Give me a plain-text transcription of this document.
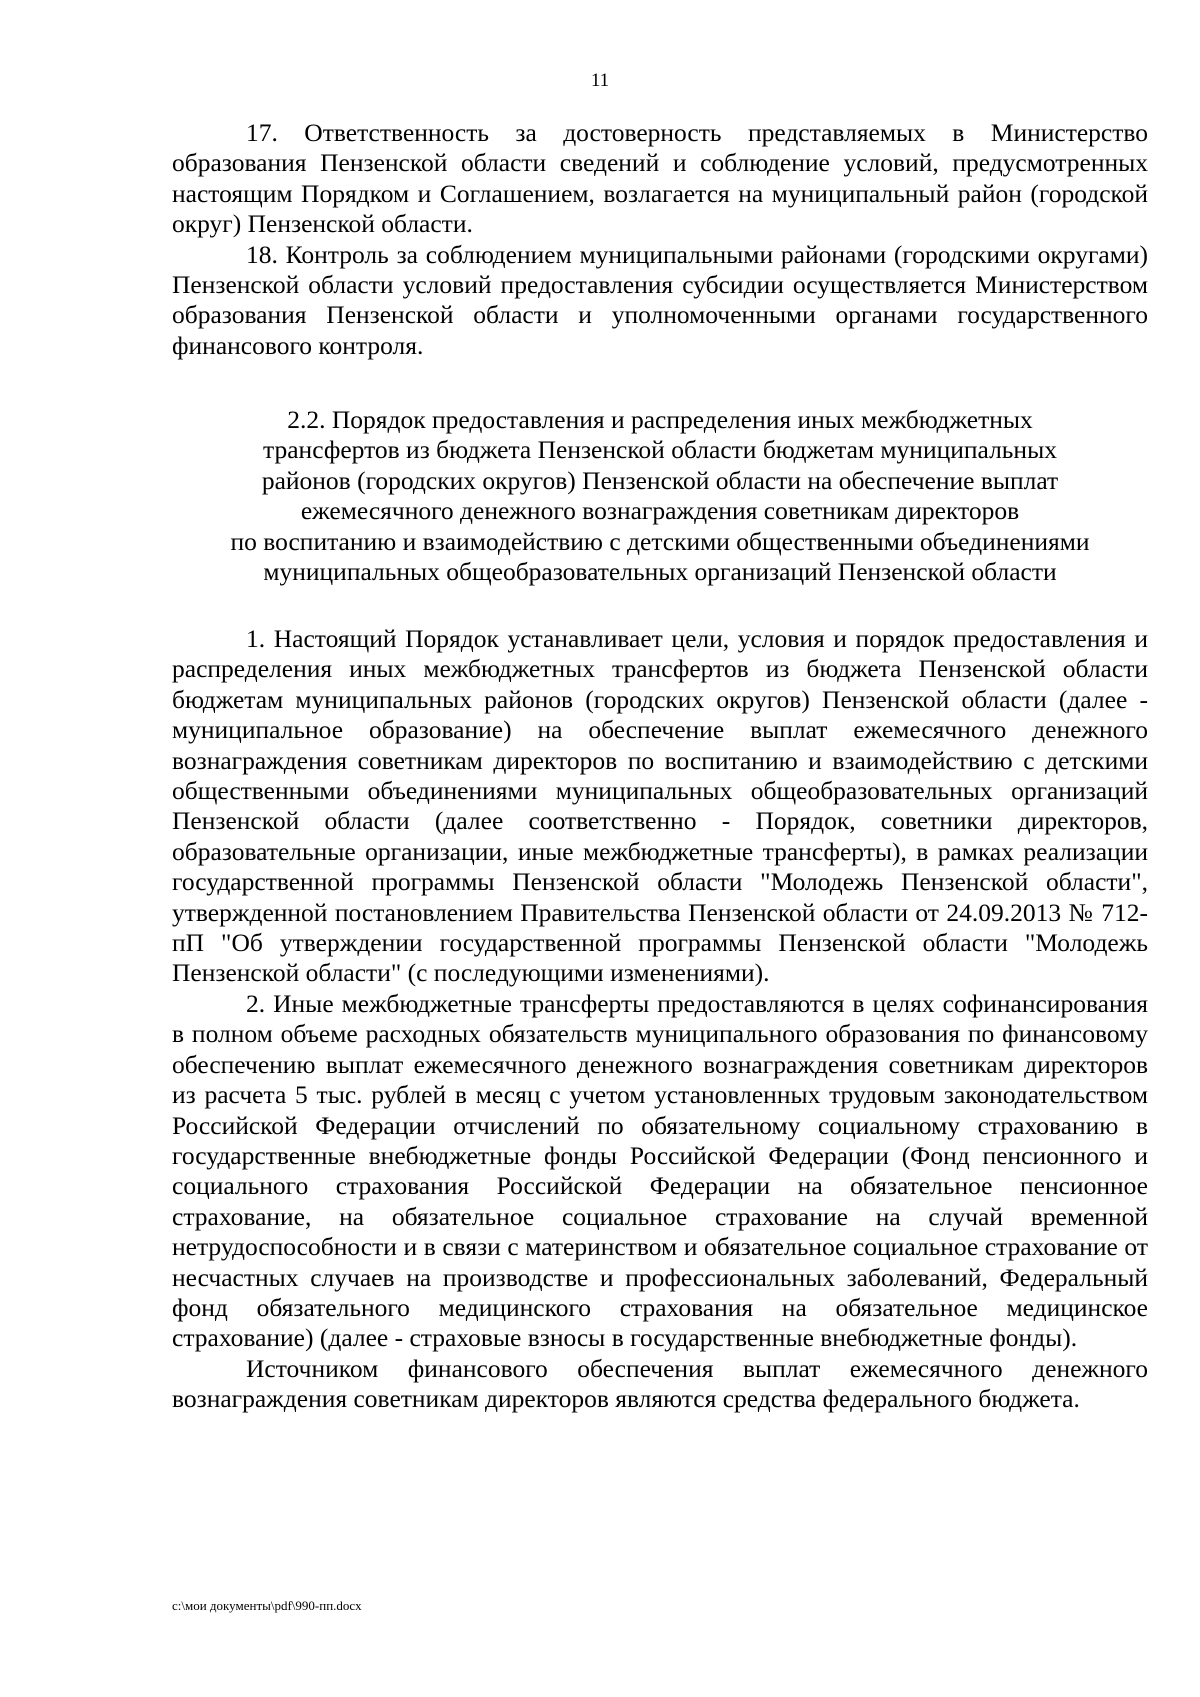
11

17. Ответственность за достоверность представляемых в Министерство образования Пензенской области сведений и соблюдение условий, предусмотренных настоящим Порядком и Соглашением, возлагается на муниципальный район (городской округ) Пензенской области.

18. Контроль за соблюдением муниципальными районами (городскими округами) Пензенской области условий предоставления субсидии осуществляется Министерством образования Пензенской области и уполномоченными органами государственного финансового контроля.

2.2. Порядок предоставления и распределения иных межбюджетных
трансфертов из бюджета Пензенской области бюджетам муниципальных
районов (городских округов) Пензенской области на обеспечение выплат
ежемесячного денежного вознаграждения советникам директоров
по воспитанию и взаимодействию с детскими общественными объединениями
муниципальных общеобразовательных организаций Пензенской области

1. Настоящий Порядок устанавливает цели, условия и порядок предоставления и распределения иных межбюджетных трансфертов из бюджета Пензенской области бюджетам муниципальных районов (городских округов) Пензенской области (далее - муниципальное образование) на обеспечение выплат ежемесячного денежного вознаграждения советникам директоров по воспитанию и взаимодействию с детскими общественными объединениями муниципальных общеобразовательных организаций Пензенской области (далее соответственно - Порядок, советники директоров, образовательные организации, иные межбюджетные трансферты), в рамках реализации государственной программы Пензенской области "Молодежь Пензенской области", утвержденной постановлением Правительства Пензенской области от 24.09.2013 № 712-пП "Об утверждении государственной программы Пензенской области "Молодежь Пензенской области" (с последующими изменениями).

2. Иные межбюджетные трансферты предоставляются в целях софинансирования в полном объеме расходных обязательств муниципального образования по финансовому обеспечению выплат ежемесячного денежного вознаграждения советникам директоров из расчета 5 тыс. рублей в месяц с учетом установленных трудовым законодательством Российской Федерации отчислений по обязательному социальному страхованию в государственные внебюджетные фонды Российской Федерации (Фонд пенсионного и социального страхования Российской Федерации на обязательное пенсионное страхование, на обязательное социальное страхование на случай временной нетрудоспособности и в связи с материнством и обязательное социальное страхование от несчастных случаев на производстве и профессиональных заболеваний, Федеральный фонд обязательного медицинского страхования на обязательное медицинское страхование) (далее - страховые взносы в государственные внебюджетные фонды).

Источником финансового обеспечения выплат ежемесячного денежного вознаграждения советникам директоров являются средства федерального бюджета.

c:\мои документы\pdf\990-пп.docx
